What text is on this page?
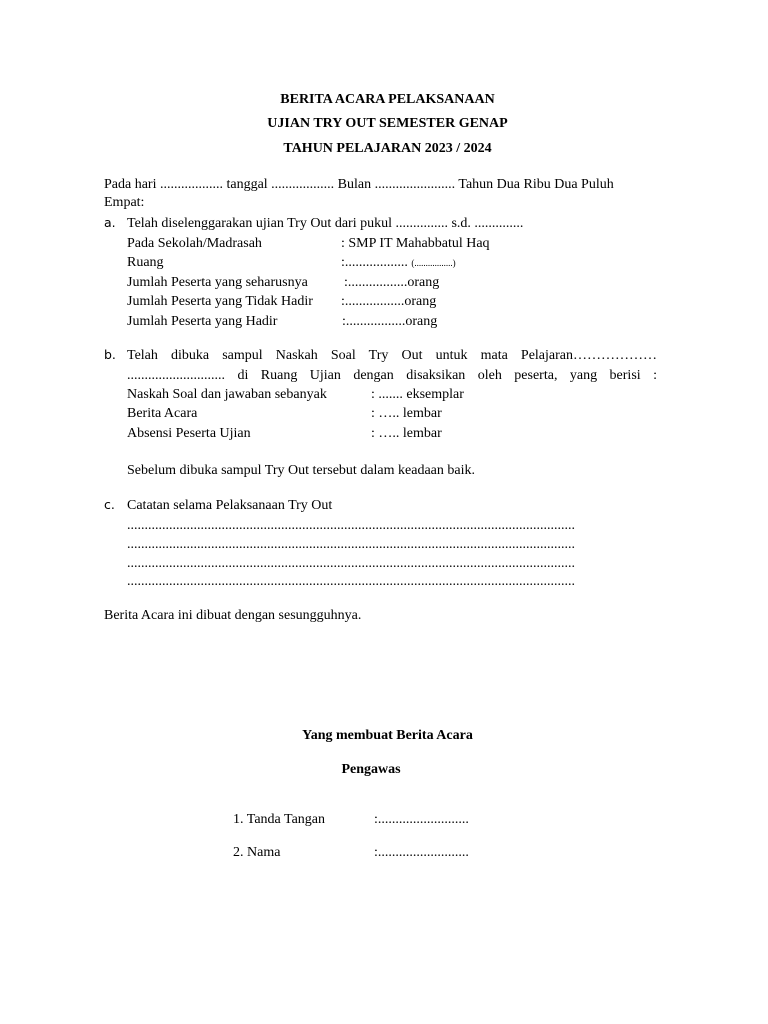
BERITA ACARA PELAKSANAAN

UJIAN TRY OUT SEMESTER GENAP

TAHUN PELAJARAN 2023 / 2024

Pada hari .................. tanggal .................. Bulan ....................... Tahun Dua Ribu Dua Puluh
Empat:
a. Telah diselenggarakan ujian Try Out dari pukul ............... s.d. ..............
Pada Sekolah/Madrasah	: SMP IT Mahabbatul Haq
Ruang	:.................. (.................)
Jumlah Peserta yang seharusnya	:.................orang
Jumlah Peserta yang Tidak Hadir :.................orang
Jumlah Peserta yang Hadir	:.................orang
b. Telah dibuka sampul Naskah Soal Try Out untuk mata Pelajaran………………
............................ di Ruang Ujian dengan disaksikan oleh peserta, yang berisi :
Naskah Soal dan jawaban sebanyak	: ....... eksemplar
Berita Acara	: ….. lembar
Absensi Peserta Ujian	: ….. lembar
Sebelum dibuka sampul Try Out tersebut dalam keadaan baik.
c. Catatan selama Pelaksanaan Try Out
................................................................................................................................
................................................................................................................................
................................................................................................................................
................................................................................................................................

Berita Acara ini dibuat dengan sesungguhnya.

Yang membuat Berita Acara

Pengawas

1. Tanda Tangan	:..........................
2. Nama	:..........................
